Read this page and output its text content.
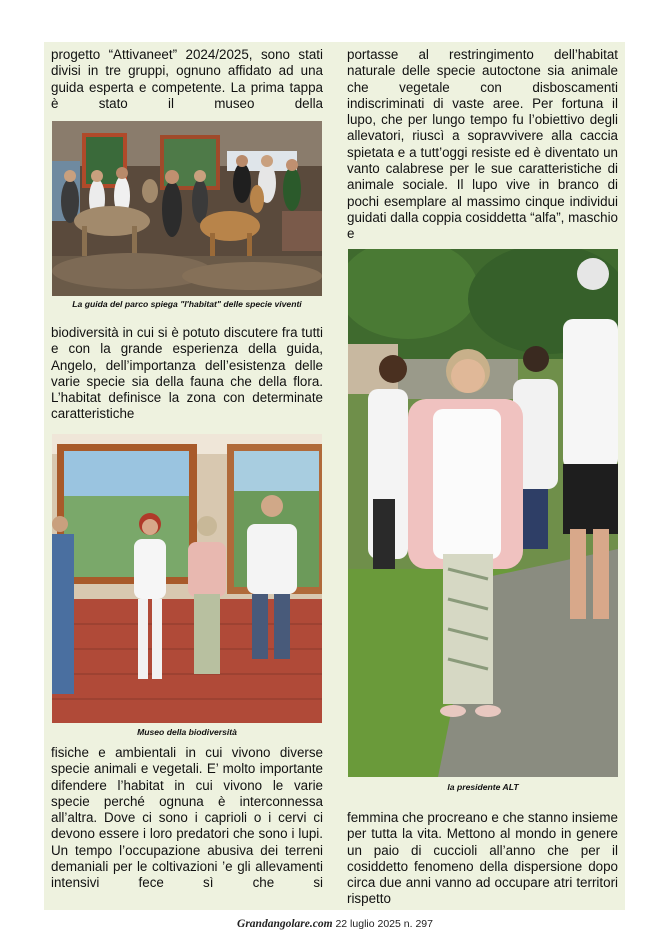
progetto “Attivaneet” 2024/2025, sono stati divisi in tre gruppi, ognuno affidato ad una guida esperta e competente. La prima tappa è stato il museo della

La guida del parco spiega "l'habitat" delle specie viventi

biodiversità in cui si è potuto discutere fra tutti e con la grande esperienza della guida, Angelo, dell’importanza dell’esistenza delle varie specie sia della fauna che della flora. L’habitat definisce la zona con determinate caratteristiche

Museo della biodiversità

fisiche e ambientali in cui vivono diverse specie animali e vegetali. E’ molto importante difendere l’habitat in cui vivono le varie specie perché ognuna è interconnessa all’altra. Dove ci sono i caprioli o i cervi ci devono essere i loro predatori che sono i lupi. Un tempo l’occupazione abusiva dei terreni demaniali per le coltivazioni ’e gli allevamenti intensivi fece sì che si

portasse al restringimento dell’habitat naturale delle specie autoctone sia animale che vegetale con disboscamenti indiscriminati di vaste aree. Per fortuna il lupo, che per lungo tempo fu l’obiettivo degli allevatori, riuscì a sopravvivere alla caccia spietata e a tutt’oggi resiste ed è diventato un vanto calabrese per le sue caratteristiche di animale sociale. Il lupo vive in branco di pochi esemplare al massimo cinque individui guidati dalla coppia cosiddetta “alfa”, maschio e

la presidente ALT

femmina che procreano e che stanno insieme per tutta la vita. Mettono al mondo in genere un paio di cuccioli all’anno che per il cosiddetto fenomeno della dispersione dopo circa due anni vanno ad occupare atri territori rispetto

Grandangolare.com 22 luglio 2025 n. 297
